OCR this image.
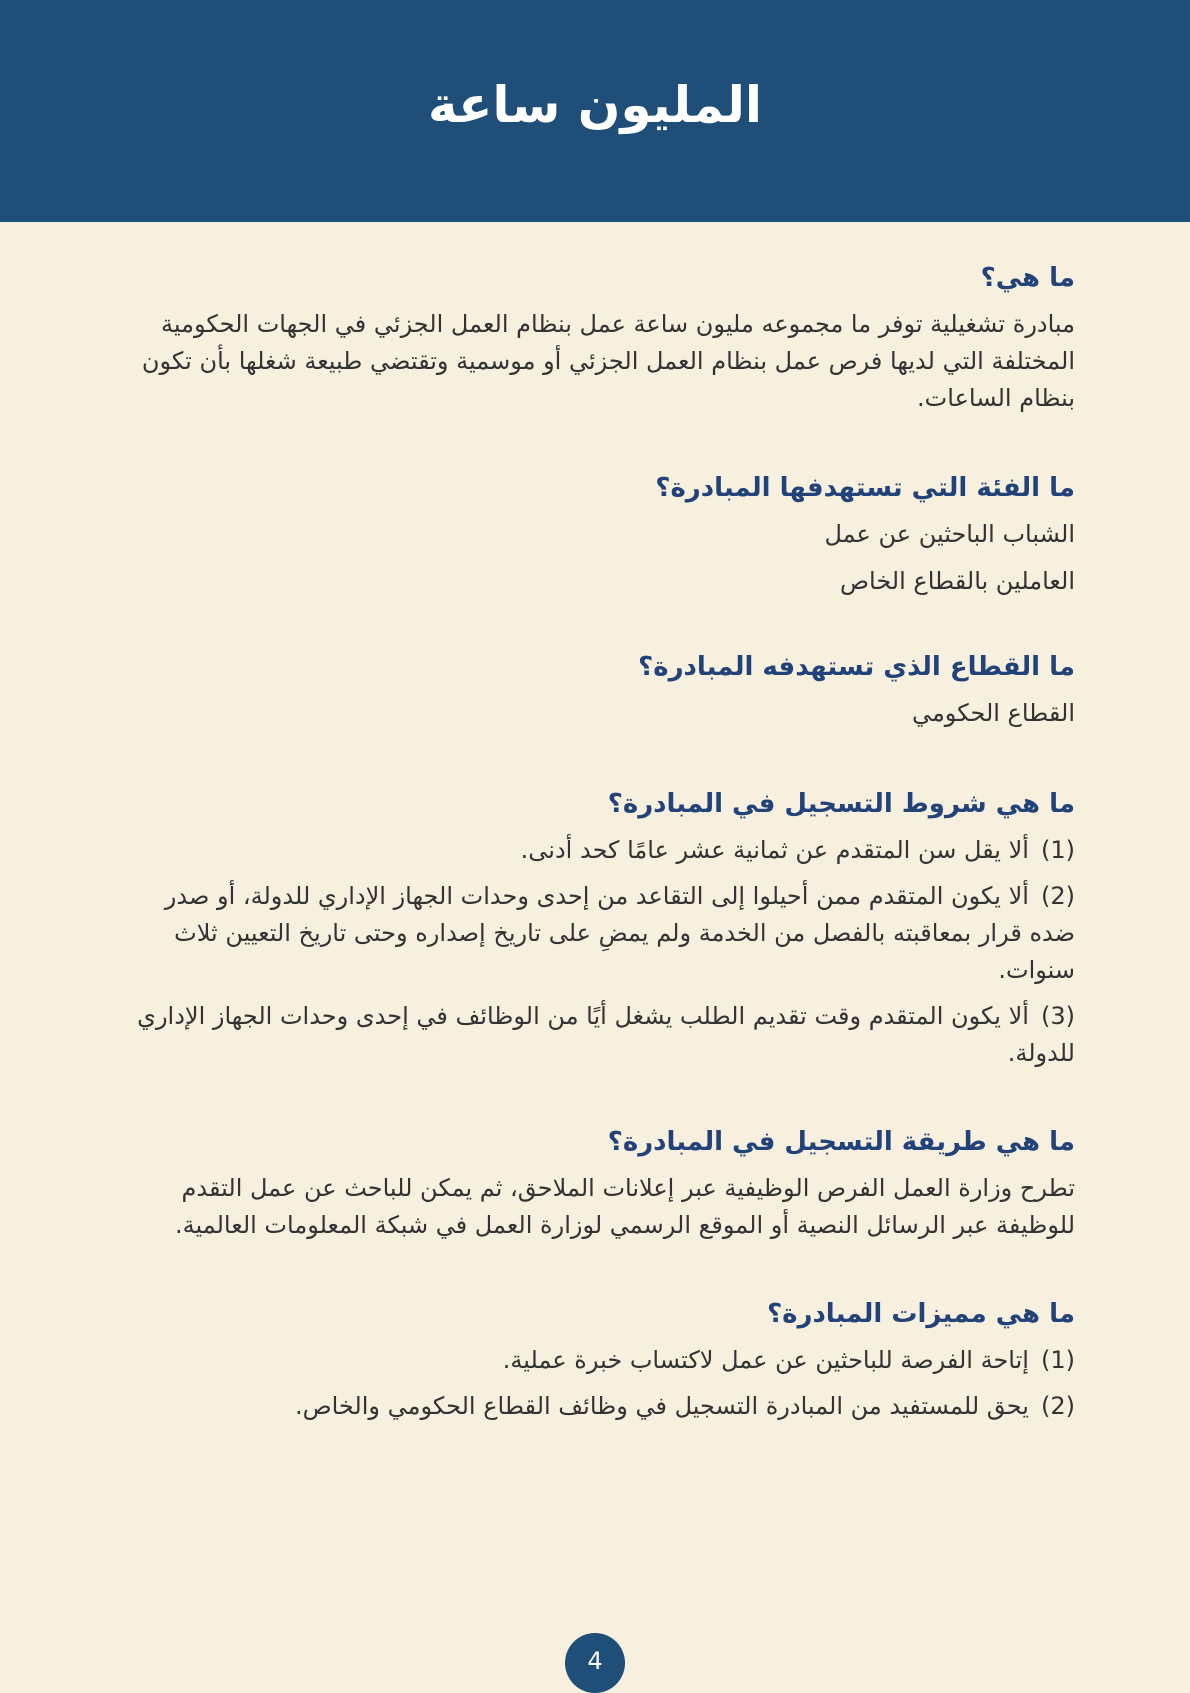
المليون ساعة
ما هي؟

مبادرة تشغيلية توفر ما مجموعه مليون ساعة عمل بنظام العمل الجزئي في الجهات الحكومية المختلفة التي لديها فرص عمل بنظام العمل الجزئي أو موسمية وتقتضي طبيعة شغلها بأن تكون بنظام الساعات.

ما الفئة التي تستهدفها المبادرة؟
الشباب الباحثين عن عمل
العاملين بالقطاع الخاص
ما القطاع الذي تستهدفه المبادرة؟
القطاع الحكومي
ما هي شروط التسجيل في المبادرة؟
(1)ألا يقل سن المتقدم عن ثمانية عشر عامًا كحد أدنى.
(2)ألا يكون المتقدم ممن أحيلوا إلى التقاعد من إحدى وحدات الجهاز الإداري للدولة، أو صدر ضده قرار بمعاقبته بالفصل من الخدمة ولم يمضِ على تاريخ إصداره وحتى تاريخ التعيين ثلاث سنوات.
(3)ألا يكون المتقدم وقت تقديم الطلب يشغل أيًا من الوظائف في إحدى وحدات الجهاز الإداري للدولة.
ما هي طريقة التسجيل في المبادرة؟

تطرح وزارة العمل الفرص الوظيفية عبر إعلانات الملاحق، ثم يمكن للباحث عن عمل التقدم للوظيفة عبر الرسائل النصية أو الموقع الرسمي لوزارة العمل في شبكة المعلومات العالمية.

ما هي مميزات المبادرة؟
(1)إتاحة الفرصة للباحثين عن عمل لاكتساب خبرة عملية.
(2)يحق للمستفيد من المبادرة التسجيل في وظائف القطاع الحكومي والخاص.
4
